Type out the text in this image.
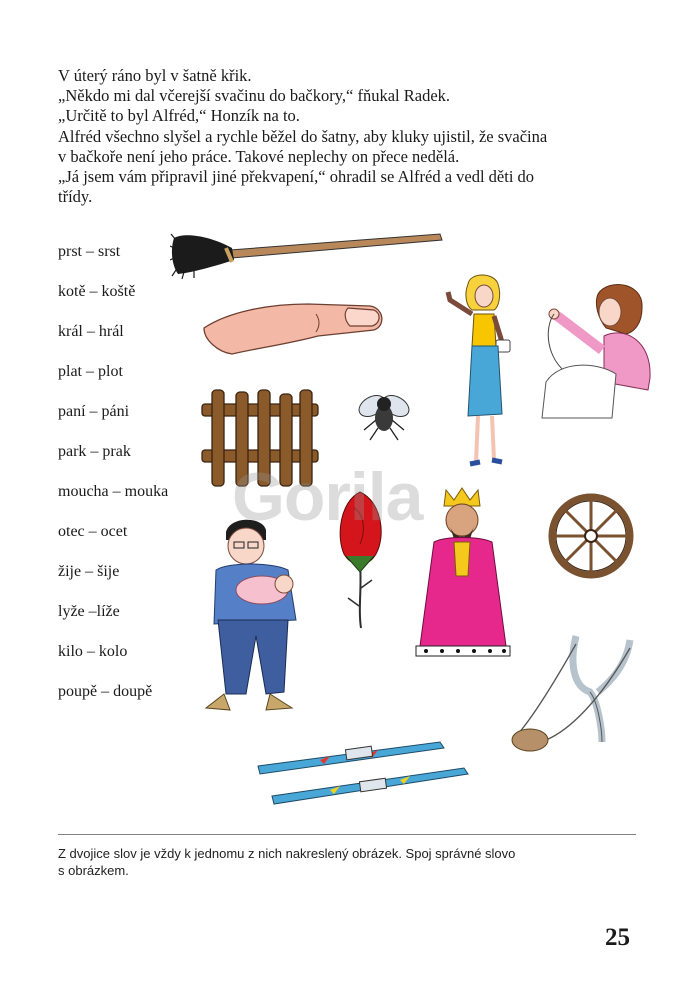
V úterý ráno byl v šatně křik.

„Někdo mi dal včerejší svačinu do bačkory,“ fňukal Radek.

„Určitě to byl Alfréd,“ Honzík na to.

Alfréd všechno slyšel a rychle běžel do šatny, aby kluky ujistil, že svačina

v bačkoře není jeho práce. Takové neplechy on přece nedělá.

„Já jsem vám připravil jiné překvapení,“ ohradil se Alfréd a vedl děti do

třídy.

prst – srst
kotě – koště
král – hrál
plat – plot
paní – páni
park – prak
moucha – mouka
otec – ocet
žije – šije
lyže –líže
kilo – kolo
poupě – doupě
Gorila
Z dvojice slov je vždy k jednomu z nich nakreslený obrázek. Spoj správné slovo
s obrázkem.
25
